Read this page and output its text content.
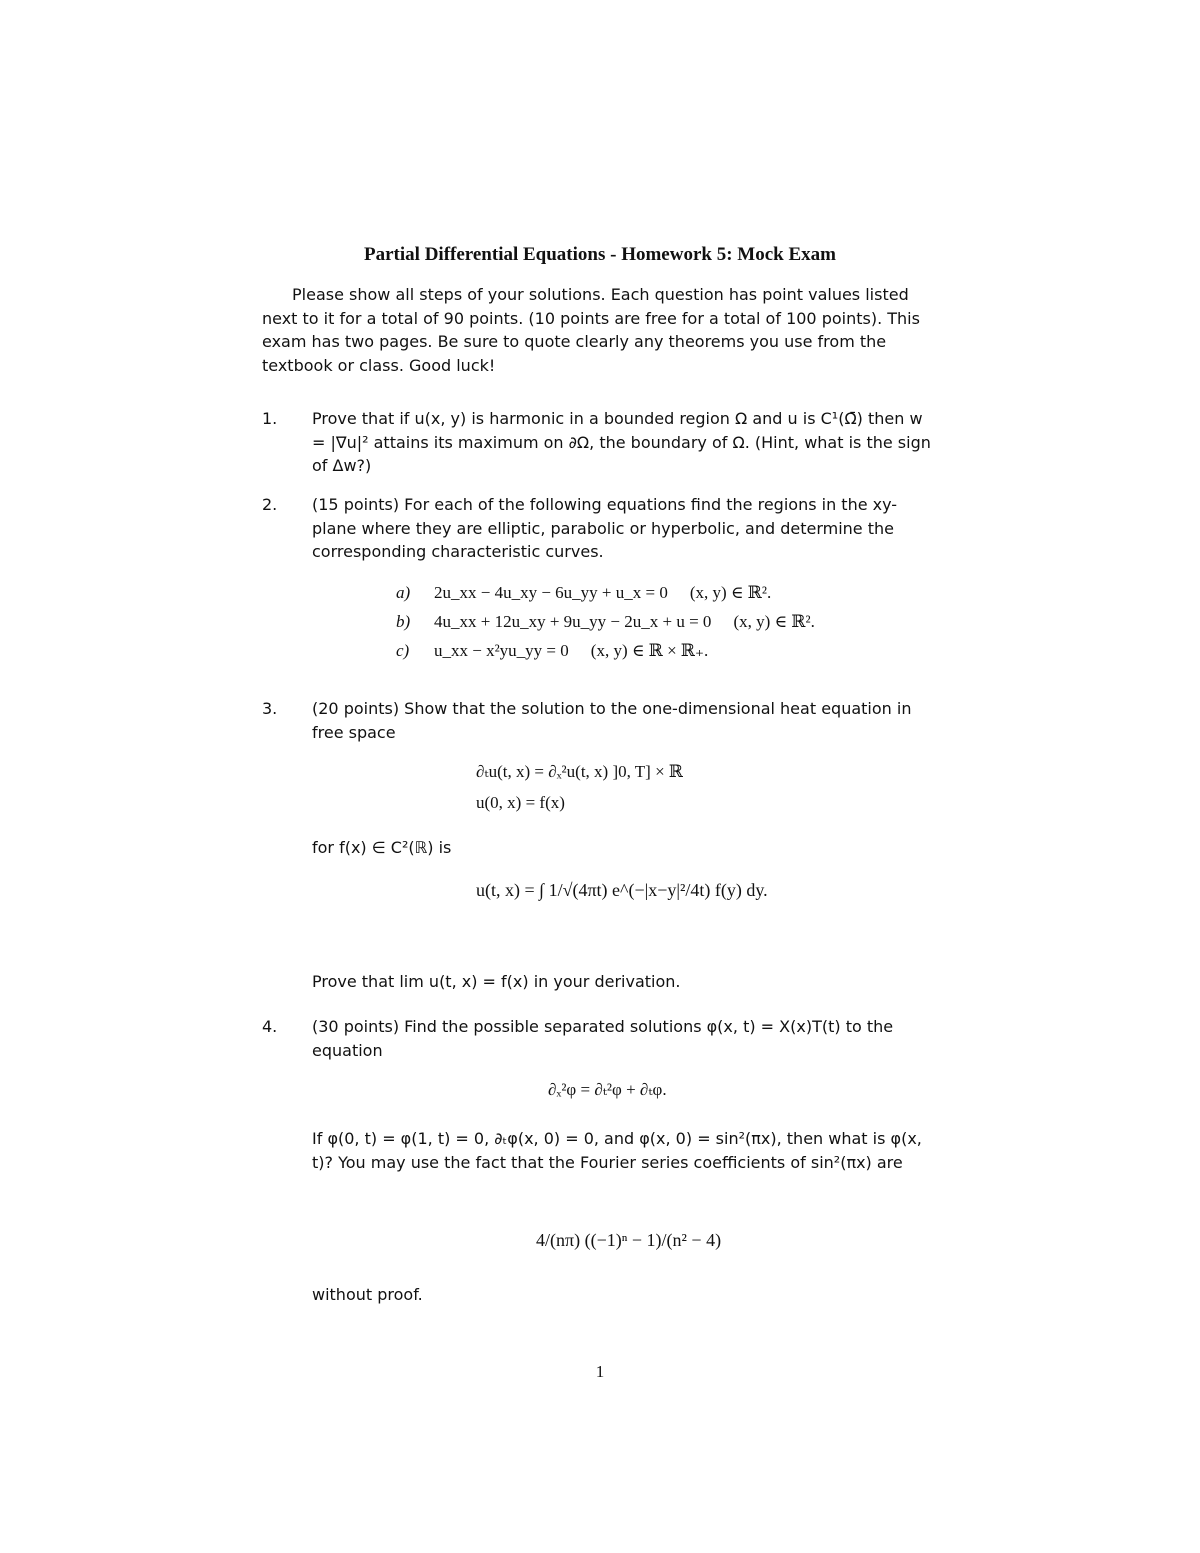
Partial Differential Equations - Homework 5: Mock Exam
Please show all steps of your solutions. Each question has point values listed next to it for a total of 90 points. (10 points are free for a total of 100 points). This exam has two pages. Be sure to quote clearly any theorems you use from the textbook or class. Good luck!
1.	Prove that if u(x, y) is harmonic in a bounded region Ω and u is C¹(Ω̄) then w = |∇u|² attains its maximum on ∂Ω, the boundary of Ω. (Hint, what is the sign of Δw?)
2.	(15 points) For each of the following equations find the regions in the xy-plane where they are elliptic, parabolic or hyperbolic, and determine the corresponding characteristic curves.
a) 2u_xx − 4u_xy − 6u_yy + u_x = 0 (x, y) ∈ ℝ².
b) 4u_xx + 12u_xy + 9u_yy − 2u_x + u = 0 (x, y) ∈ ℝ².
c) u_xx − x²yu_yy = 0 (x, y) ∈ ℝ × ℝ₊.
3.	(20 points) Show that the solution to the one-dimensional heat equation in free space
∂ₜu(t, x) = ∂ₓ²u(t, x) ]0, T] × ℝ
u(0, x) = f(x)
for f(x) ∈ C²(ℝ) is
u(t, x) = ∫ 1/√(4πt) e^(−|x−y|²/4t) f(y) dy.
Prove that lim u(t, x) = f(x) in your derivation.
4.	(30 points) Find the possible separated solutions φ(x, t) = X(x)T(t) to the equation
∂ₓ²φ = ∂ₜ²φ + ∂ₜφ.
If φ(0, t) = φ(1, t) = 0, ∂ₜφ(x, 0) = 0, and φ(x, 0) = sin²(πx), then what is φ(x, t)? You may use the fact that the Fourier series coefficients of sin²(πx) are
4/(nπ) ((−1)ⁿ − 1)/(n² − 4)
without proof.
1
